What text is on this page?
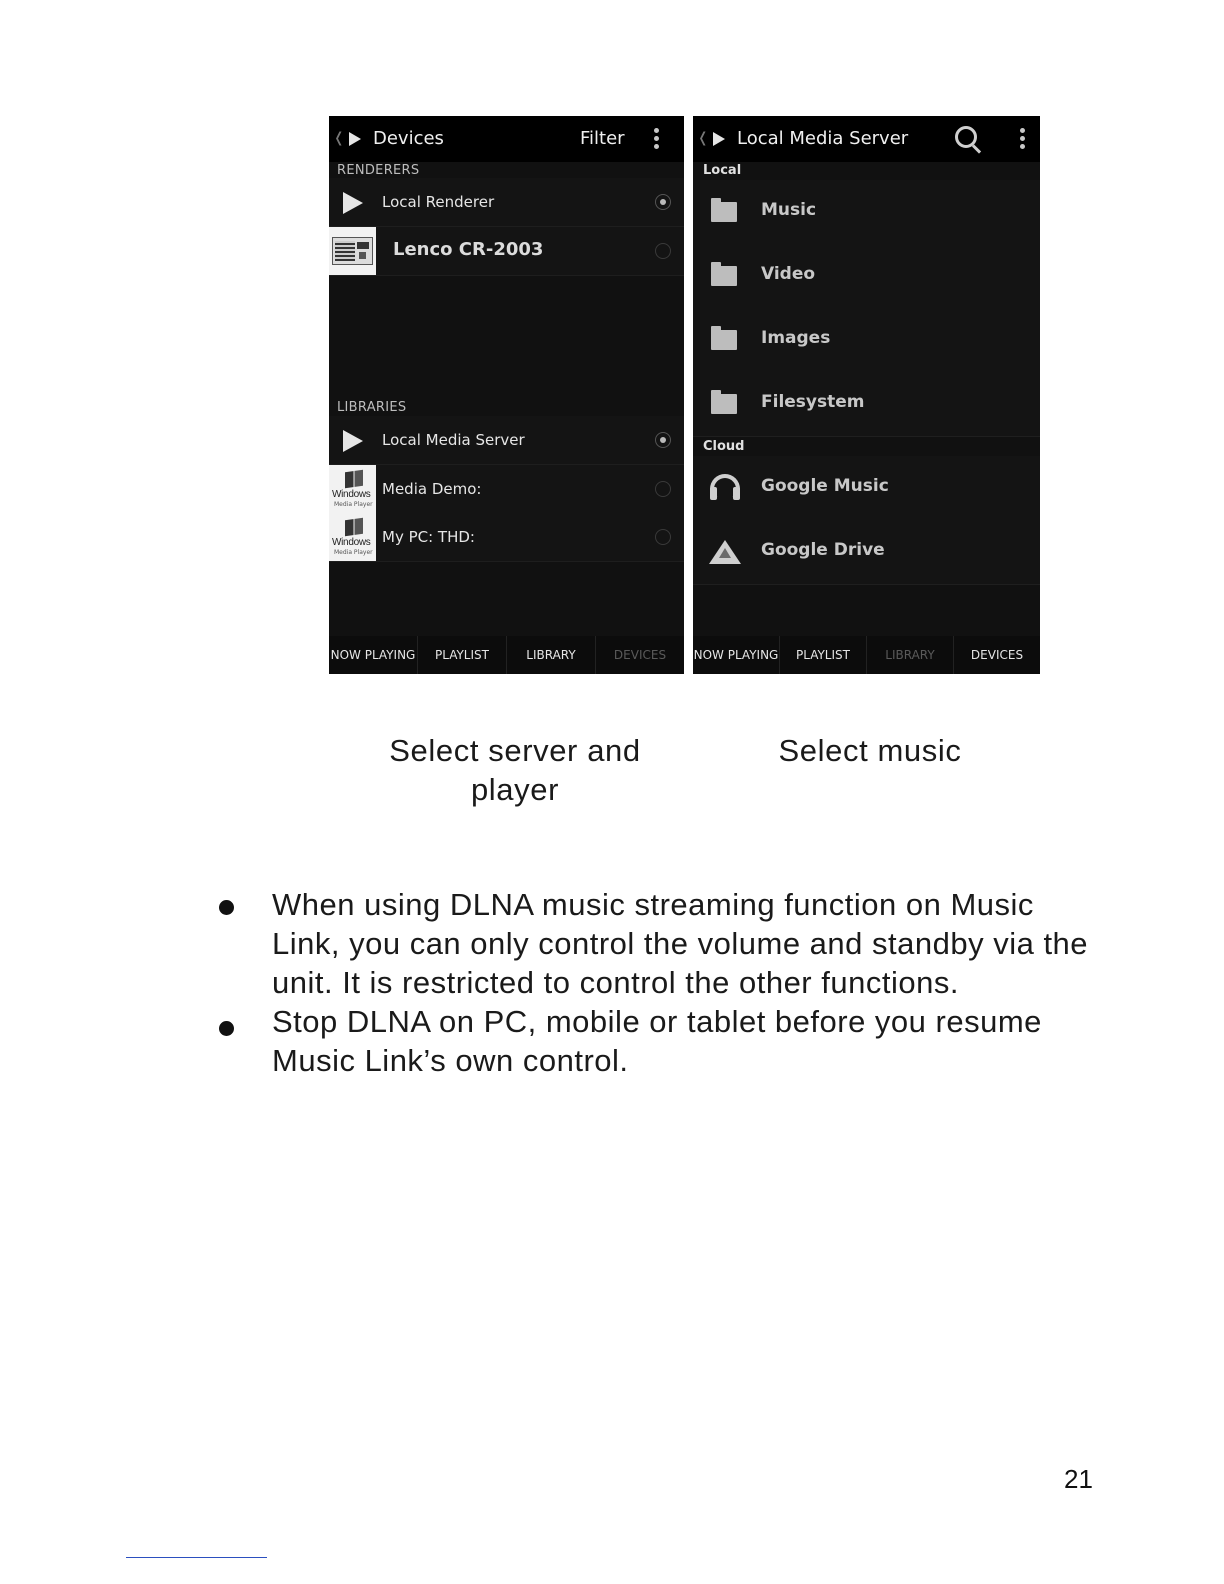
❬ Devices	Filter
RENDERERS
Local Renderer
Lenco CR-2003
LIBRARIES
Local Media Server
Windows
Media Player
Media Demo:
Windows
Media Player
My PC: THD:
NOW PLAYING	PLAYLIST	LIBRARY	DEVICES
❬ Local Media Server
Local
Music
Video
Images
Filesystem
Cloud
Google Music
Google Drive
NOW PLAYING	PLAYLIST	LIBRARY	DEVICES
Select server and
player
Select music
When using DLNA music streaming function on Music Link, you can only control the volume and standby via the unit. It is restricted to control the other functions.
Stop DLNA on PC, mobile or tablet before you resume Music Link’s own control.
21
